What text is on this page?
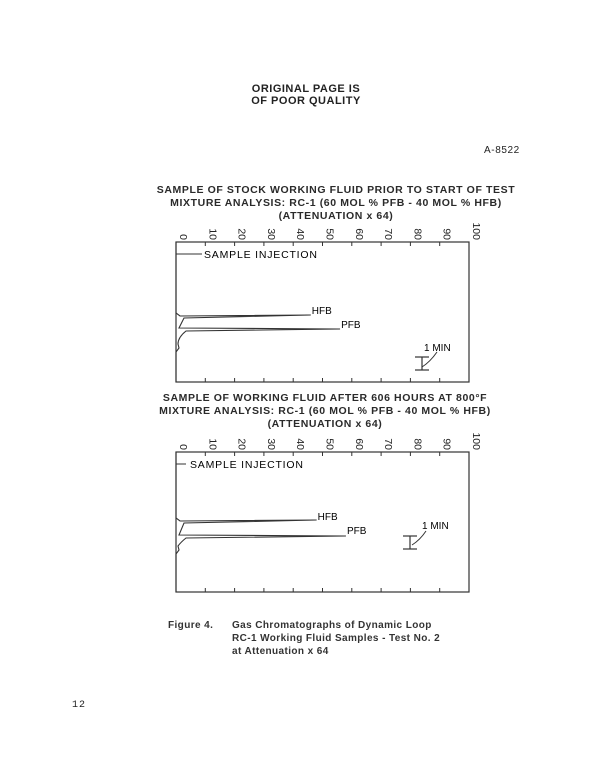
ORIGINAL PAGE IS
OF POOR QUALITY
A-8522
SAMPLE OF STOCK WORKING FLUID PRIOR TO START OF TEST
MIXTURE ANALYSIS: RC-1 (60 MOL % PFB - 40 MOL % HFB)
(ATTENUATION x 64)
0 10 20 30 40 50 60 70 80 90 100
SAMPLE INJECTION
HFB
PFB
1 MIN
SAMPLE OF WORKING FLUID AFTER 606 HOURS AT 800°F
MIXTURE ANALYSIS: RC-1 (60 MOL % PFB - 40 MOL % HFB)
(ATTENUATION x 64)
0 10 20 30 40 50 60 70 80 90 100
SAMPLE INJECTION
HFB
PFB	1 MIN
Figure 4. Gas Chromatographs of Dynamic Loop
RC-1 Working Fluid Samples - Test No. 2
at Attenuation x 64
12
